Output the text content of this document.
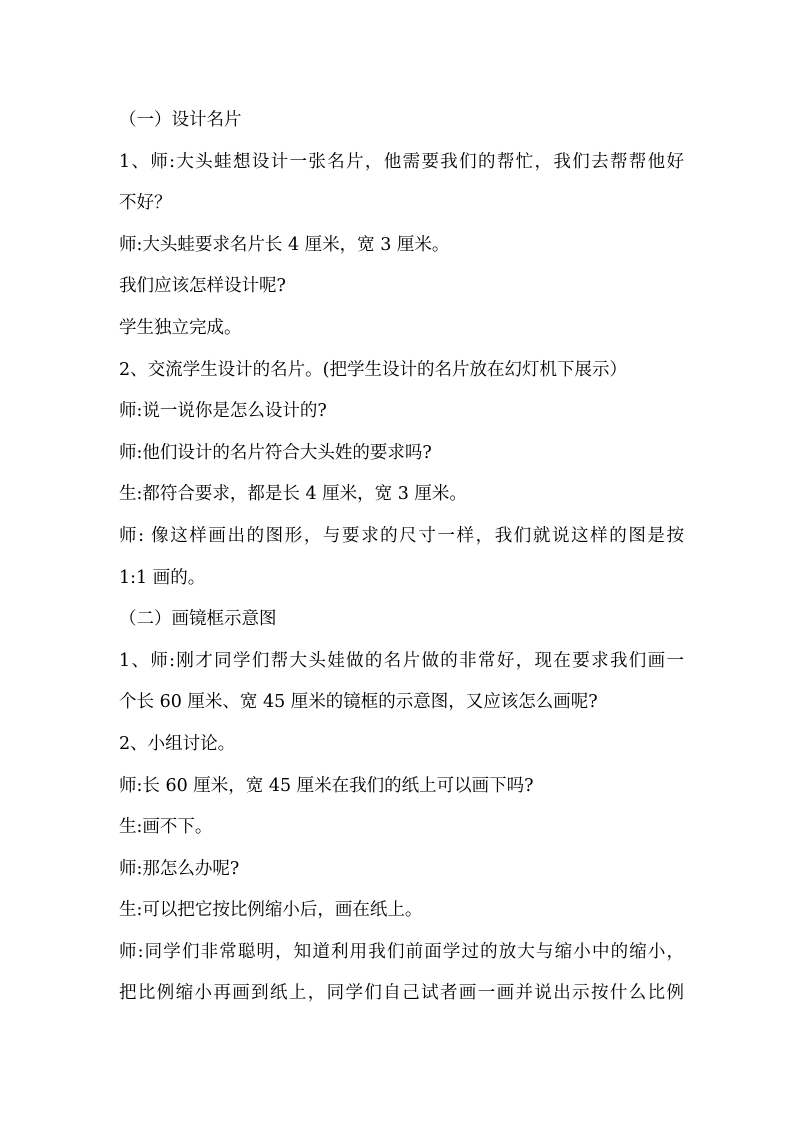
（一）设计名片
1、师:大头蛙想设计一张名片，他需要我们的帮忙，我们去帮帮他好
不好？
师:大头蛙要求名片长 4 厘米，宽 3 厘米。
我们应该怎样设计呢?
学生独立完成。
2、交流学生设计的名片。(把学生设计的名片放在幻灯机下展示）
师:说一说你是怎么设计的?
师:他们设计的名片符合大头姓的要求吗?
生:都符合要求，都是长 4 厘米，宽 3 厘米。
师: 像这样画出的图形，与要求的尺寸一样，我们就说这样的图是按
1:1 画的。
（二）画镜框示意图
1、师:刚才同学们帮大头娃做的名片做的非常好，现在要求我们画一
个长 60 厘米、宽 45 厘米的镜框的示意图，又应该怎么画呢?
2、小组讨论。
师:长 60 厘米，宽 45 厘米在我们的纸上可以画下吗?
生:画不下。
师:那怎么办呢?
生:可以把它按比例缩小后，画在纸上。
师:同学们非常聪明，知道利用我们前面学过的放大与缩小中的缩小，
把比例缩小再画到纸上，同学们自己试者画一画并说出示按什么比例
